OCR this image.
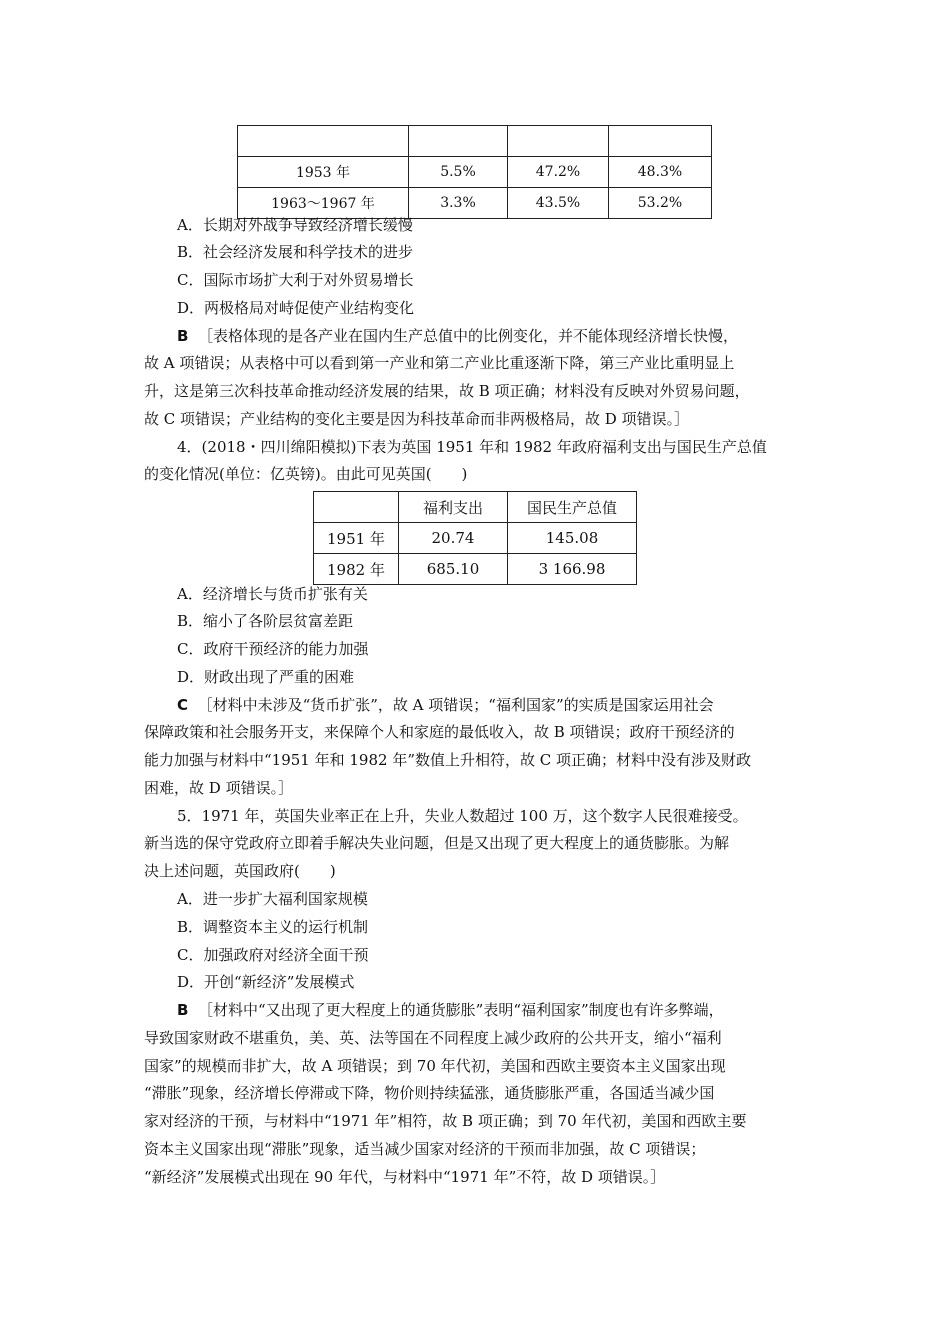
1953 年	5.5%	47.2%	48.3%
1963～1967 年	3.3%	43.5%	53.2%
A．长期对外战争导致经济增长缓慢
B．社会经济发展和科学技术的进步
C．国际市场扩大利于对外贸易增长
D．两极格局对峙促使产业结构变化
B ［表格体现的是各产业在国内生产总值中的比例变化，并不能体现经济增长快慢，
故 A 项错误；从表格中可以看到第一产业和第二产业比重逐渐下降，第三产业比重明显上
升，这是第三次科技革命推动经济发展的结果，故 B 项正确；材料没有反映对外贸易问题，
故 C 项错误；产业结构的变化主要是因为科技革命而非两极格局，故 D 项错误。］
4．(2018・四川绵阳模拟)下表为英国 1951 年和 1982 年政府福利支出与国民生产总值
的变化情况(单位：亿英镑)。由此可见英国(　　)
	福利支出	国民生产总值
1951 年	20.74	145.08
1982 年	685.10	3 166.98
A．经济增长与货币扩张有关
B．缩小了各阶层贫富差距
C．政府干预经济的能力加强
D．财政出现了严重的困难
C ［材料中未涉及“货币扩张”，故 A 项错误；“福利国家”的实质是国家运用社会
保障政策和社会服务开支，来保障个人和家庭的最低收入，故 B 项错误；政府干预经济的
能力加强与材料中“1951 年和 1982 年”数值上升相符，故 C 项正确；材料中没有涉及财政
困难，故 D 项错误。］
5．1971 年，英国失业率正在上升，失业人数超过 100 万，这个数字人民很难接受。
新当选的保守党政府立即着手解决失业问题，但是又出现了更大程度上的通货膨胀。为解
决上述问题，英国政府(　　)
A．进一步扩大福利国家规模
B．调整资本主义的运行机制
C．加强政府对经济全面干预
D．开创“新经济”发展模式
B ［材料中“又出现了更大程度上的通货膨胀”表明“福利国家”制度也有许多弊端，
导致国家财政不堪重负，美、英、法等国在不同程度上减少政府的公共开支，缩小“福利
国家”的规模而非扩大，故 A 项错误；到 70 年代初，美国和西欧主要资本主义国家出现
“滞胀”现象，经济增长停滞或下降，物价则持续猛涨，通货膨胀严重，各国适当减少国
家对经济的干预，与材料中“1971 年”相符，故 B 项正确；到 70 年代初，美国和西欧主要
资本主义国家出现“滞胀”现象，适当减少国家对经济的干预而非加强，故 C 项错误；
“新经济”发展模式出现在 90 年代，与材料中“1971 年”不符，故 D 项错误。］
